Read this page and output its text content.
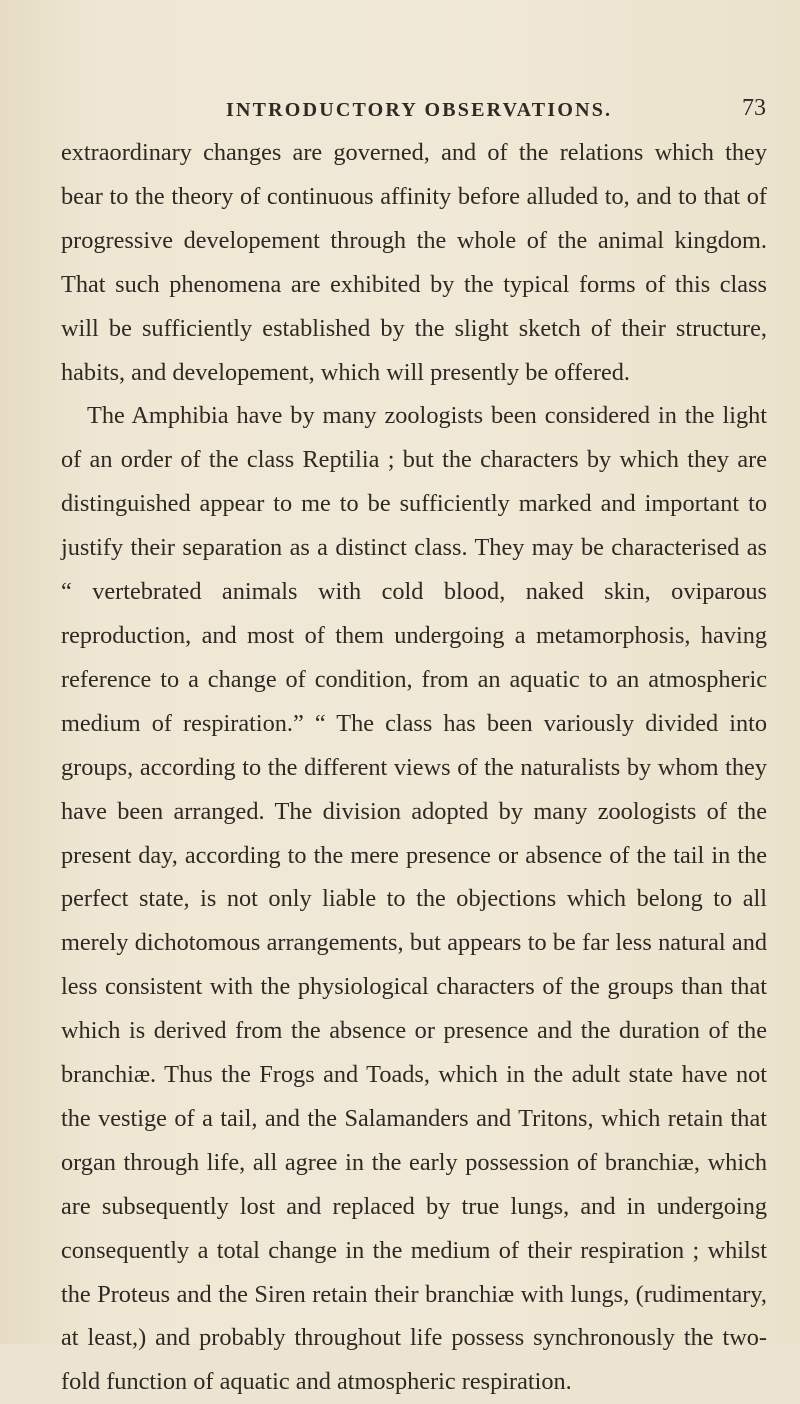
INTRODUCTORY OBSERVATIONS.	73

extraordinary changes are governed, and of the relations which they bear to the theory of continuous affinity before alluded to, and to that of progressive developement through the whole of the animal kingdom. That such phenomena are exhibited by the typical forms of this class will be sufficiently established by the slight sketch of their structure, habits, and developement, which will presently be offered.

The Amphibia have by many zoologists been considered in the light of an order of the class Reptilia ; but the characters by which they are distinguished appear to me to be sufficiently marked and important to justify their separation as a distinct class. They may be characterised as “ vertebrated animals with cold blood, naked skin, oviparous reproduction, and most of them undergoing a metamorphosis, having reference to a change of condition, from an aquatic to an atmospheric medium of respiration.” “ The class has been variously divided into groups, according to the different views of the naturalists by whom they have been arranged. The division adopted by many zoologists of the present day, according to the mere presence or absence of the tail in the perfect state, is not only liable to the objections which belong to all merely dichotomous arrangements, but appears to be far less natural and less consistent with the physiological characters of the groups than that which is derived from the absence or presence and the duration of the branchiæ. Thus the Frogs and Toads, which in the adult state have not the vestige of a tail, and the Salamanders and Tritons, which retain that organ through life, all agree in the early possession of branchiæ, which are subsequently lost and replaced by true lungs, and in undergoing consequently a total change in the medium of their respiration ; whilst the Proteus and the Siren retain their branchiæ with lungs, (rudimentary, at least,) and probably throughout life possess synchronously the two-fold function of aquatic and atmospheric respiration.
